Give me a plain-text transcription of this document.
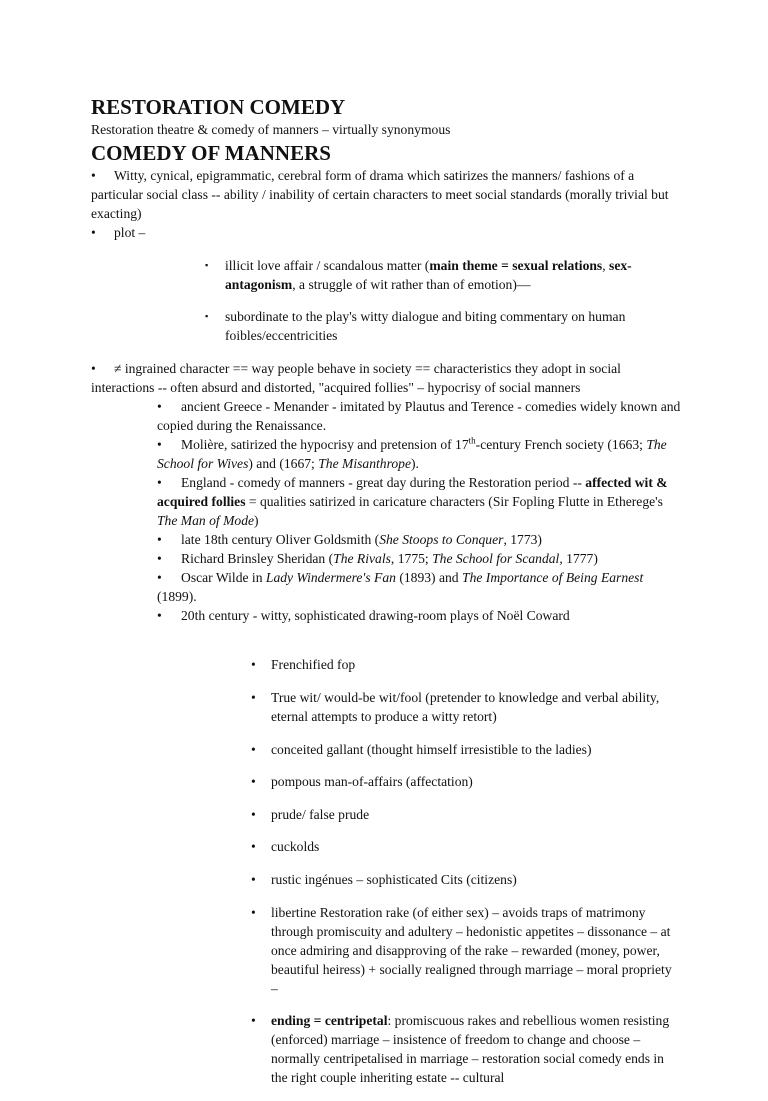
RESTORATION COMEDY

Restoration theatre & comedy of manners – virtually synonymous

COMEDY OF MANNERS

• Witty, cynical, epigrammatic, cerebral form of drama which satirizes the manners/ fashions of a particular social class -- ability / inability of certain characters to meet social standards (morally trivial but exacting)

• plot –

▪ illicit love affair / scandalous matter (main theme = sexual relations, sex-antagonism, a struggle of wit rather than of emotion)—

▪ subordinate to the play's witty dialogue and biting commentary on human foibles/eccentricities

• ≠ ingrained character == way people behave in society == characteristics they adopt in social interactions -- often absurd and distorted, "acquired follies" – hypocrisy of social manners

• ancient Greece - Menander - imitated by Plautus and Terence - comedies widely known and copied during the Renaissance.

• Molière, satirized the hypocrisy and pretension of 17th-century French society (1663; The School for Wives) and (1667; The Misanthrope).

• England - comedy of manners - great day during the Restoration period -- affected wit & acquired follies = qualities satirized in caricature characters (Sir Fopling Flutte in Etherege's The Man of Mode)

• late 18th century Oliver Goldsmith (She Stoops to Conquer, 1773)

• Richard Brinsley Sheridan (The Rivals, 1775; The School for Scandal, 1777)

• Oscar Wilde in Lady Windermere's Fan (1893) and The Importance of Being Earnest (1899).

• 20th century - witty, sophisticated drawing-room plays of Noël Coward

• Frenchified fop

• True wit/ would-be wit/fool (pretender to knowledge and verbal ability, eternal attempts to produce a witty retort)

• conceited gallant (thought himself irresistible to the ladies)

• pompous man-of-affairs (affectation)

• prude/ false prude

• cuckolds

• rustic ingénues – sophisticated Cits (citizens)

• libertine Restoration rake (of either sex) – avoids traps of matrimony through promiscuity and adultery – hedonistic appetites – dissonance – at once admiring and disapproving of the rake – rewarded (money, power, beautiful heiress) + socially realigned through marriage – moral propriety –

• ending = centripetal: promiscuous rakes and rebellious women resisting (enforced) marriage – insistence of freedom to change and choose – normally centripetalised in marriage – restoration social comedy ends in the right couple inheriting estate -- cultural
